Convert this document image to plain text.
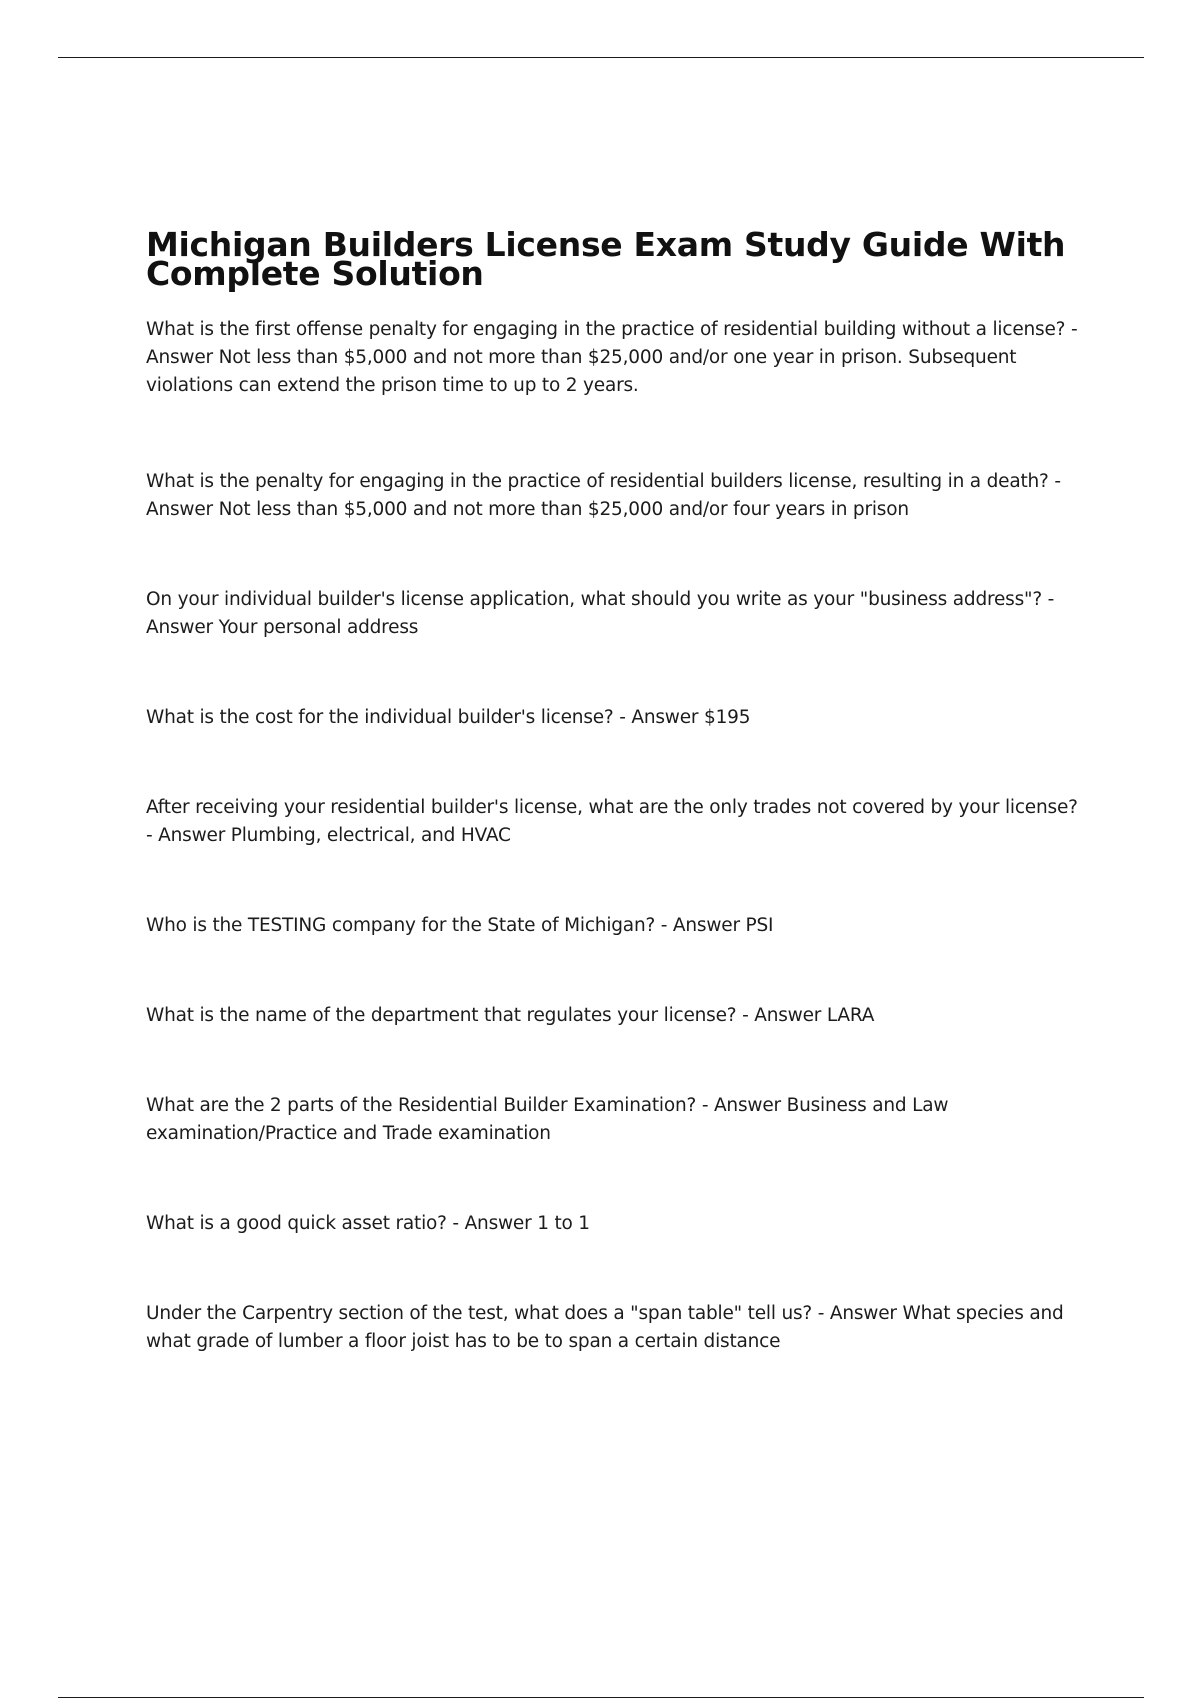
Michigan Builders License Exam Study Guide With Complete Solution
What is the first offense penalty for engaging in the practice of residential building without a license? - Answer Not less than $5,000 and not more than $25,000 and/or one year in prison. Subsequent violations can extend the prison time to up to 2 years.
What is the penalty for engaging in the practice of residential builders license, resulting in a death? - Answer Not less than $5,000 and not more than $25,000 and/or four years in prison
On your individual builder's license application, what should you write as your "business address"? - Answer Your personal address
What is the cost for the individual builder's license? - Answer $195
After receiving your residential builder's license, what are the only trades not covered by your license? - Answer Plumbing, electrical, and HVAC
Who is the TESTING company for the State of Michigan? - Answer PSI
What is the name of the department that regulates your license? - Answer LARA
What are the 2 parts of the Residential Builder Examination? - Answer Business and Law examination/Practice and Trade examination
What is a good quick asset ratio? - Answer 1 to 1
Under the Carpentry section of the test, what does a "span table" tell us? - Answer What species and what grade of lumber a floor joist has to be to span a certain distance
